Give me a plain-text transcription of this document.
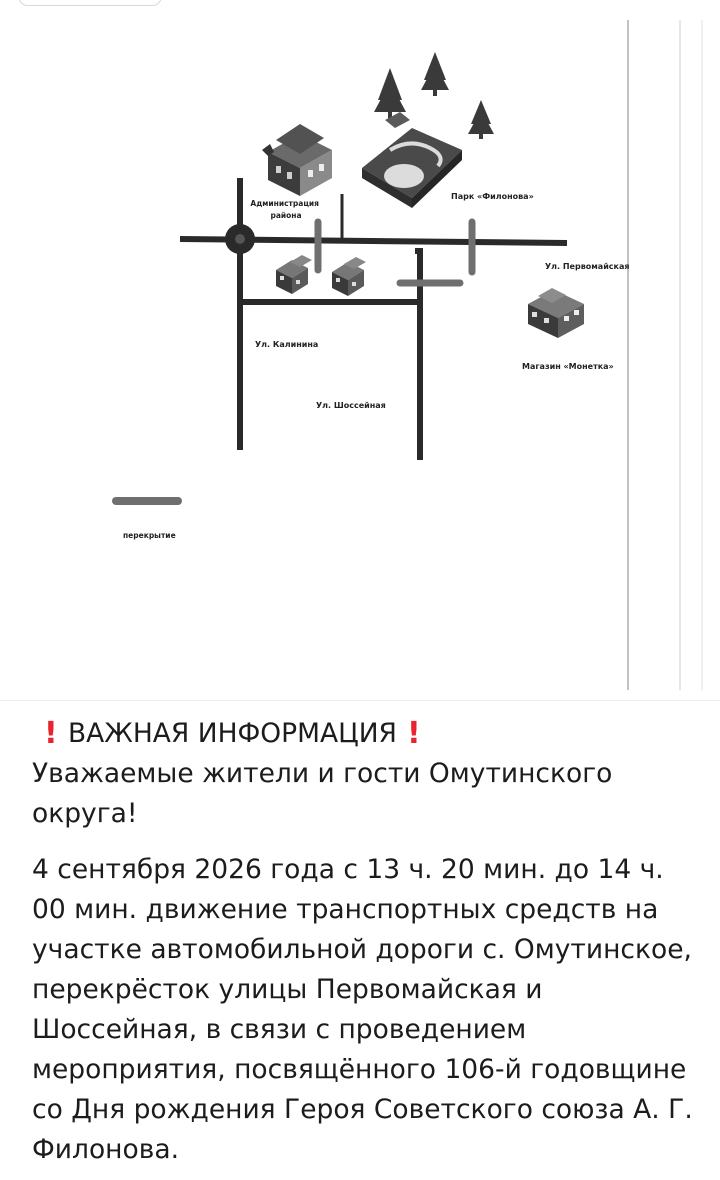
Администрация района
Парк «Филонова»
Ул. Первомайская
Ул. Калинина
Ул. Шоссейная
Магазин «Монетка»
перекрытие
! ВАЖНАЯ ИНФОРМАЦИЯ !

Уважаемые жители и гости Омутинского округа!

4 сентября 2026 года с 13 ч. 20 мин. до 14 ч. 00 мин. движение транспортных средств на участке автомобильной дороги с. Омутинское, перекрёсток улицы Первомайская и Шоссейная, в связи с проведением мероприятия, посвящённого 106-й годовщине со Дня рождения Героя Советского союза А. Г. Филонова.
